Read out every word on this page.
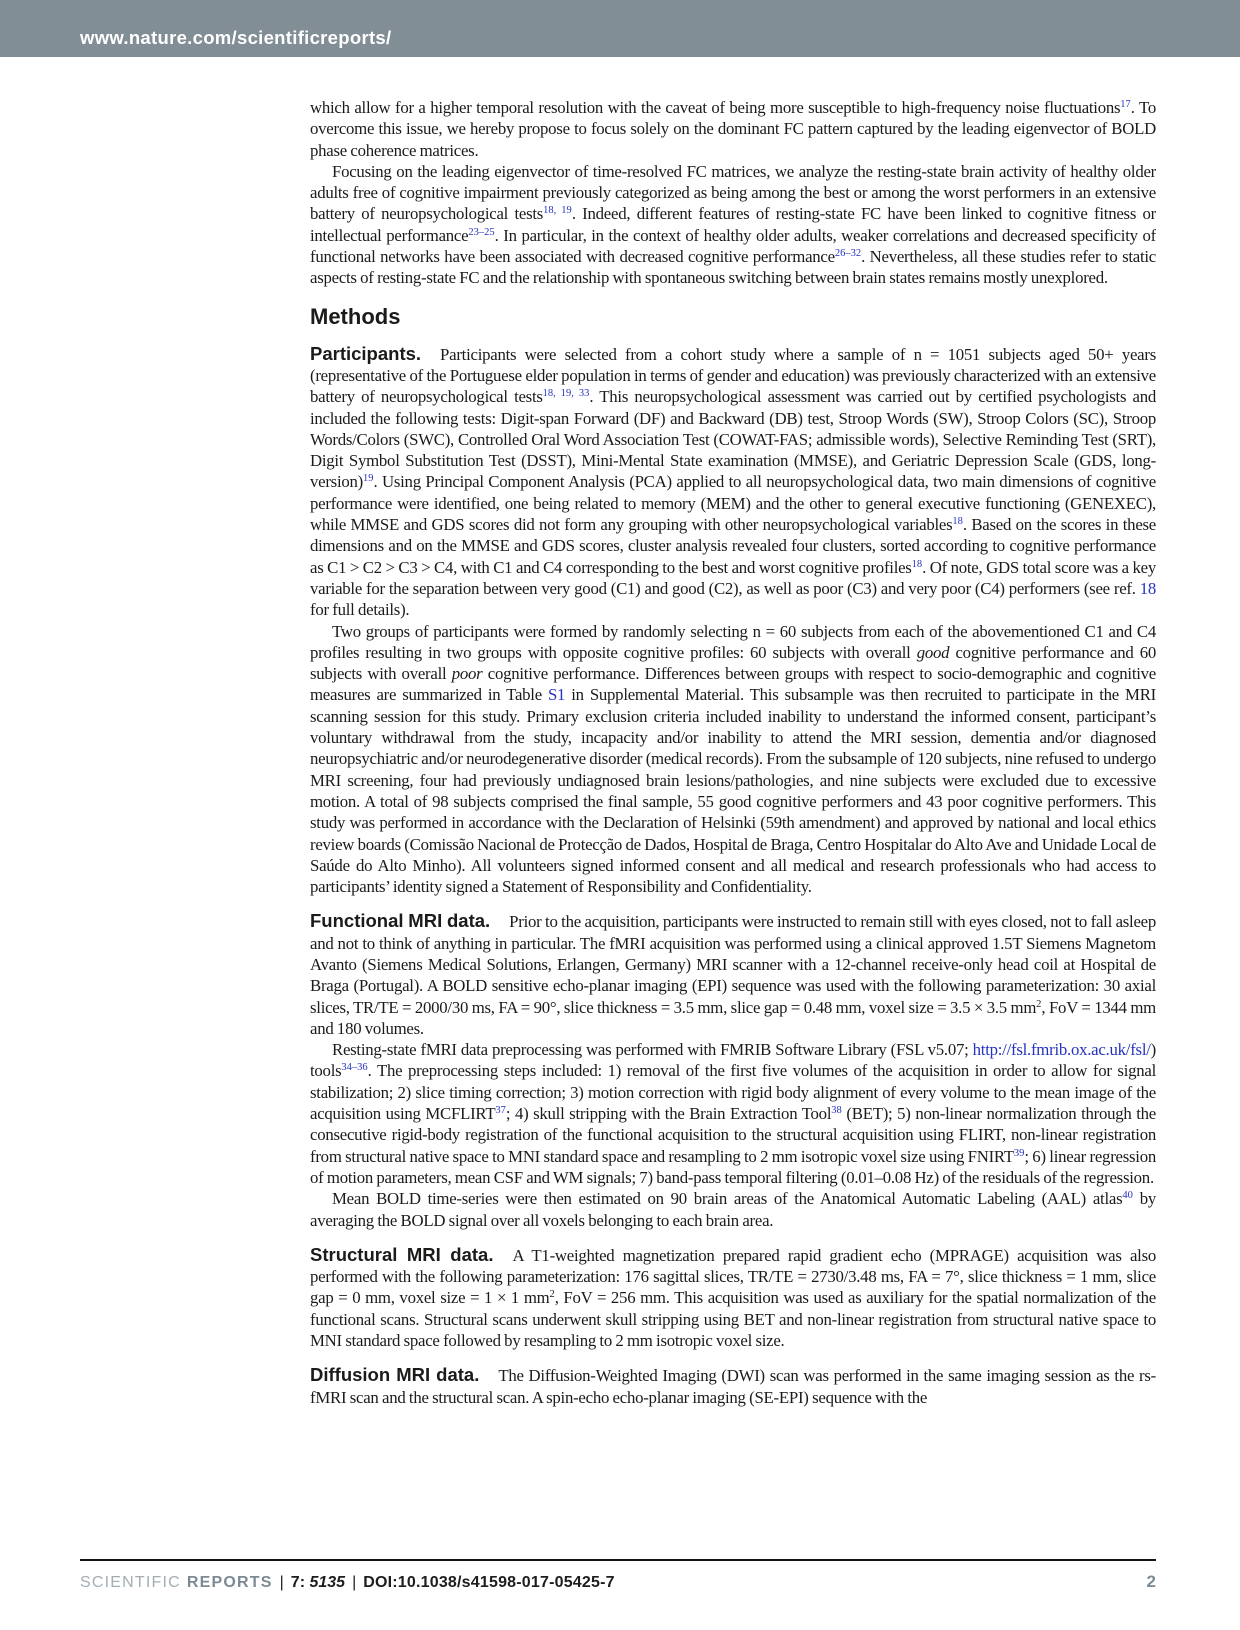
www.nature.com/scientificreports/

which allow for a higher temporal resolution with the caveat of being more susceptible to high-frequency noise fluctuations$^{17}$. To overcome this issue, we hereby propose to focus solely on the dominant FC pattern captured by the leading eigenvector of BOLD phase coherence matrices.

Focusing on the leading eigenvector of time-resolved FC matrices, we analyze the resting-state brain activity of healthy older adults free of cognitive impairment previously categorized as being among the best or among the worst performers in an extensive battery of neuropsychological tests$^{18, 19}$. Indeed, different features of resting-state FC have been linked to cognitive fitness or intellectual performance$^{23-25}$. In particular, in the context of healthy older adults, weaker correlations and decreased specificity of functional networks have been associated with decreased cognitive performance$^{26-32}$. Nevertheless, all these studies refer to static aspects of resting-state FC and the relationship with spontaneous switching between brain states remains mostly unexplored.

Methods

Participants. Participants were selected from a cohort study where a sample of n = 1051 subjects aged 50+ years (representative of the Portuguese elder population in terms of gender and education) was previously characterized with an extensive battery of neuropsychological tests$^{18, 19, 33}$. This neuropsychological assessment was carried out by certified psychologists and included the following tests: Digit-span Forward (DF) and Backward (DB) test, Stroop Words (SW), Stroop Colors (SC), Stroop Words/Colors (SWC), Controlled Oral Word Association Test (COWAT-FAS; admissible words), Selective Reminding Test (SRT), Digit Symbol Substitution Test (DSST), Mini-Mental State examination (MMSE), and Geriatric Depression Scale (GDS, long-version)$^{19}$. Using Principal Component Analysis (PCA) applied to all neuropsychological data, two main dimensions of cognitive performance were identified, one being related to memory (MEM) and the other to general executive functioning (GENEXEC), while MMSE and GDS scores did not form any grouping with other neuropsychological variables$^{18}$. Based on the scores in these dimensions and on the MMSE and GDS scores, cluster analysis revealed four clusters, sorted according to cognitive performance as C1 > C2 > C3 > C4, with C1 and C4 corresponding to the best and worst cognitive profiles$^{18}$. Of note, GDS total score was a key variable for the separation between very good (C1) and good (C2), as well as poor (C3) and very poor (C4) performers (see ref. 18 for full details).

Two groups of participants were formed by randomly selecting n = 60 subjects from each of the abovementioned C1 and C4 profiles resulting in two groups with opposite cognitive profiles: 60 subjects with overall good cognitive performance and 60 subjects with overall poor cognitive performance. Differences between groups with respect to socio-demographic and cognitive measures are summarized in Table S1 in Supplemental Material. This subsample was then recruited to participate in the MRI scanning session for this study. Primary exclusion criteria included inability to understand the informed consent, participant’s voluntary withdrawal from the study, incapacity and/or inability to attend the MRI session, dementia and/or diagnosed neuropsychiatric and/or neurodegenerative disorder (medical records). From the subsample of 120 subjects, nine refused to undergo MRI screening, four had previously undiagnosed brain lesions/pathologies, and nine subjects were excluded due to excessive motion. A total of 98 subjects comprised the final sample, 55 good cognitive performers and 43 poor cognitive performers. This study was performed in accordance with the Declaration of Helsinki (59th amendment) and approved by national and local ethics review boards (Comissão Nacional de Protecção de Dados, Hospital de Braga, Centro Hospitalar do Alto Ave and Unidade Local de Saúde do Alto Minho). All volunteers signed informed consent and all medical and research professionals who had access to participants’ identity signed a Statement of Responsibility and Confidentiality.

Functional MRI data. Prior to the acquisition, participants were instructed to remain still with eyes closed, not to fall asleep and not to think of anything in particular. The fMRI acquisition was performed using a clinical approved 1.5T Siemens Magnetom Avanto (Siemens Medical Solutions, Erlangen, Germany) MRI scanner with a 12-channel receive-only head coil at Hospital de Braga (Portugal). A BOLD sensitive echo-planar imaging (EPI) sequence was used with the following parameterization: 30 axial slices, TR/TE = 2000/30 ms, FA = 90°, slice thickness = 3.5 mm, slice gap = 0.48 mm, voxel size = 3.5 × 3.5 $mm^2$, FoV = 1344 mm and 180 volumes.

Resting-state fMRI data preprocessing was performed with FMRIB Software Library (FSL v5.07; http://fsl.fmrib.ox.ac.uk/fsl/) tools$^{34-36}$. The preprocessing steps included: 1) removal of the first five volumes of the acquisition in order to allow for signal stabilization; 2) slice timing correction; 3) motion correction with rigid body alignment of every volume to the mean image of the acquisition using MCFLIRT$^{37}$; 4) skull stripping with the Brain Extraction Tool$^{38}$ (BET); 5) non-linear normalization through the consecutive rigid-body registration of the functional acquisition to the structural acquisition using FLIRT, non-linear registration from structural native space to MNI standard space and resampling to 2 mm isotropic voxel size using FNIRT$^{39}$; 6) linear regression of motion parameters, mean CSF and WM signals; 7) band-pass temporal filtering (0.01–0.08 Hz) of the residuals of the regression.

Mean BOLD time-series were then estimated on 90 brain areas of the Anatomical Automatic Labeling (AAL) atlas$^{40}$ by averaging the BOLD signal over all voxels belonging to each brain area.

Structural MRI data. A T1-weighted magnetization prepared rapid gradient echo (MPRAGE) acquisition was also performed with the following parameterization: 176 sagittal slices, TR/TE = 2730/3.48 ms, FA = 7°, slice thickness = 1 mm, slice gap = 0 mm, voxel size = 1 × 1 $mm^2$, FoV = 256 mm. This acquisition was used as auxiliary for the spatial normalization of the functional scans. Structural scans underwent skull stripping using BET and non-linear registration from structural native space to MNI standard space followed by resampling to 2 mm isotropic voxel size.

Diffusion MRI data. The Diffusion-Weighted Imaging (DWI) scan was performed in the same imaging session as the rs-fMRI scan and the structural scan. A spin-echo echo-planar imaging (SE-EPI) sequence with the

SCIENTIFIC REPORTS | 7: 5135 | DOI:10.1038/s41598-017-05425-7	2
